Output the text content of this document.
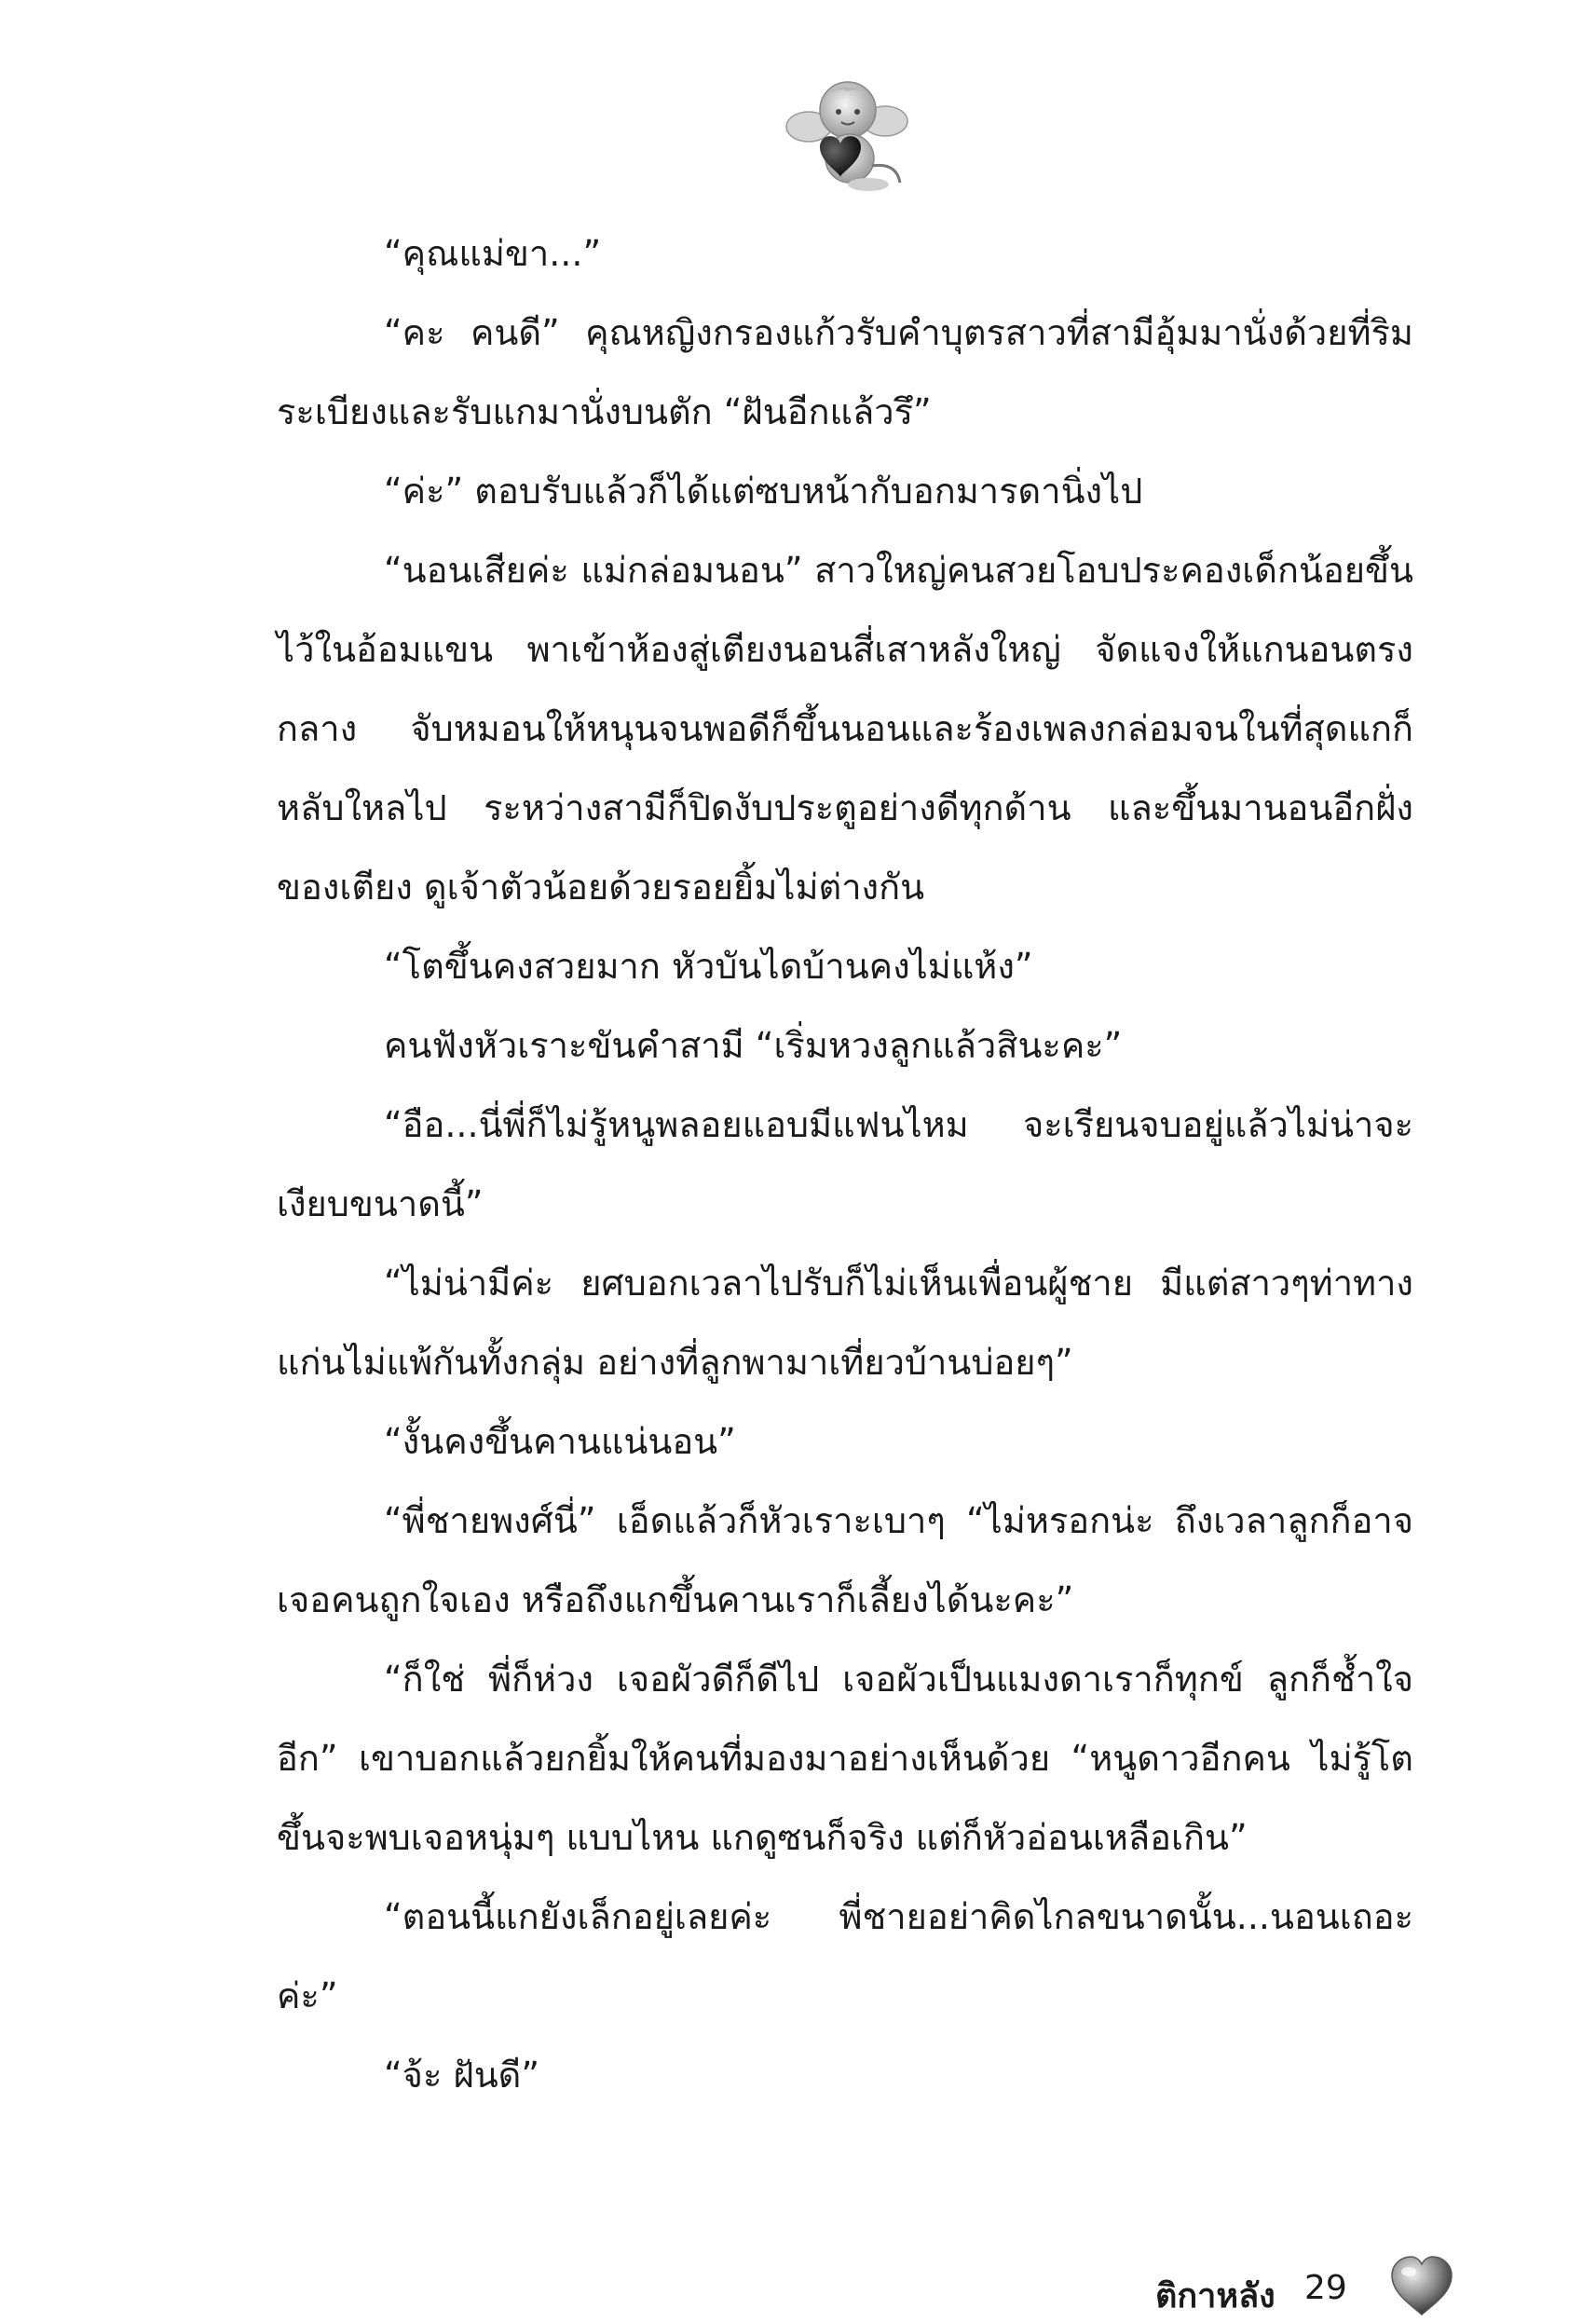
“คุณแม่ขา...”

“คะ คนดี” คุณหญิงกรองแก้วรับคำบุตรสาวที่สามีอุ้มมานั่งด้วยที่ริมระเบียงและรับแกมานั่งบนตัก “ฝันอีกแล้วรึ”

“ค่ะ” ตอบรับแล้วก็ได้แต่ซบหน้ากับอกมารดานิ่งไป

“นอนเสียค่ะ แม่กล่อมนอน” สาวใหญ่คนสวยโอบประคองเด็กน้อยขึ้นไว้ในอ้อมแขน พาเข้าห้องสู่เตียงนอนสี่เสาหลังใหญ่ จัดแจงให้แกนอนตรงกลาง จับหมอนให้หนุนจนพอดีก็ขึ้นนอนและร้องเพลงกล่อมจนในที่สุดแกก็หลับใหลไป ระหว่างสามีก็ปิดงับประตูอย่างดีทุกด้าน และขึ้นมานอนอีกฝั่งของเตียง ดูเจ้าตัวน้อยด้วยรอยยิ้มไม่ต่างกัน

“โตขึ้นคงสวยมาก หัวบันไดบ้านคงไม่แห้ง”

คนฟังหัวเราะขันคำสามี “เริ่มหวงลูกแล้วสินะคะ”

“อือ...นี่พี่ก็ไม่รู้หนูพลอยแอบมีแฟนไหม จะเรียนจบอยู่แล้วไม่น่าจะเงียบขนาดนี้”

“ไม่น่ามีค่ะ ยศบอกเวลาไปรับก็ไม่เห็นเพื่อนผู้ชาย มีแต่สาวๆท่าทางแก่นไม่แพ้กันทั้งกลุ่ม อย่างที่ลูกพามาเที่ยวบ้านบ่อยๆ”

“งั้นคงขึ้นคานแน่นอน”

“พี่ชายพงศ์นี่” เอ็ดแล้วก็หัวเราะเบาๆ “ไม่หรอกน่ะ ถึงเวลาลูกก็อาจเจอคนถูกใจเอง หรือถึงแกขึ้นคานเราก็เลี้ยงได้นะคะ”

“ก็ใช่ พี่ก็ห่วง เจอผัวดีก็ดีไป เจอผัวเป็นแมงดาเราก็ทุกข์ ลูกก็ช้ำใจอีก” เขาบอกแล้วยกยิ้มให้คนที่มองมาอย่างเห็นด้วย “หนูดาวอีกคน ไม่รู้โตขึ้นจะพบเจอหนุ่มๆ แบบไหน แกดูซนก็จริง แต่ก็หัวอ่อนเหลือเกิน”

“ตอนนี้แกยังเล็กอยู่เลยค่ะ พี่ชายอย่าคิดไกลขนาดนั้น...นอนเถอะค่ะ”

“จ้ะ ฝันดี”

ติกาหลัง 29
